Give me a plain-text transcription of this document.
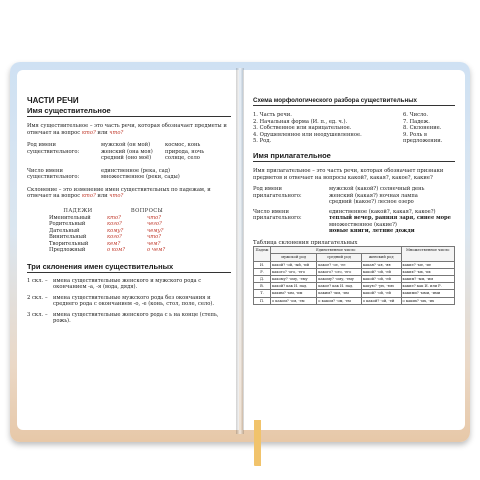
ЧАСТИ РЕЧИ
Имя существительное
Имя существительное – это часть речи, которая обозначает предметы и отвечает на вопрос кто? или что?
Род имени существительного:
мужской (он мой)	космос, конь
женский (она моя)	природа, ночь
средний (оно моё)	солнце, село
Число имени существительного:
единственное (река, сад)
множественное (реки, сады)
Склонение – это изменение имен существительных по падежам, и отвечает на вопрос кто? или что?
ПАДЕЖИ	ВОПРОСЫ
Именительный	кто?	что?
Родительный	кого?	чего?
Дательный	кому?	чему?
Винительный	кого?	что?
Творительный	кем?	чем?
Предложный	о ком?	о чем?
Три склонения имен существительных
1 скл. –	имена существительные женского и мужского рода с окончанием -а, -я (вода, дядя).
2 скл. –	имена существительные мужского рода без окончания и среднего рода с окончанием -о, -е (конь, стол, поле, село).
3 скл. –	имена существительные женского рода с ь на конце (степь, рожь).
Схема морфологического разбора существительных
1. Часть речи.
2. Начальная форма (И. п., ед. ч.).
3. Собственное или нарицательное.
4. Одушевленное или неодушевленное.
5. Род.
6. Число.
7. Падеж.
8. Склонение.
9. Роль в предложении.
Имя прилагательное
Имя прилагательное – это часть речи, которая обозначает признаки предметов и отвечает на вопросы какой?, какая?, какое?, какие?
Род имени прилагательного:
мужской (какой?) солнечный день
женский (какая?) ночная лампа
средний (какое?) лесное озеро
Число имени прилагательного:
единственное (какой?, какая?, какое?)
теплый вечер, ранняя заря, синее море
множественное (какие?)
новые книги, летние дожди
Таблица склонения прилагательных
Падеж	Единственное число			Множественное число
	мужской род	средний род	женский род	
И.	какой? -ой, -ый, -ий	какое? -ое, -ее	какая? -ая, -яя	какие? -ые, -ие
Р.	какого? -ого, -его	какого? -ого, -его	какой? -ой, -ей	каких? -ых, -их
Д.	какому? -ому, -ему	какому? -ому, -ему	какой? -ой, -ей	каким? -ым, -им
В.	какой? как И. пад.	какое? как И. пад.	какую? -ую, -юю	какие? как И. или Р.
Т.	каким? -ым, -им	каким? -ым, -им	какой? -ой, -ей	какими? -ыми, -ими
П.	о каком? -ом, -ем	о каком? -ом, -ем	о какой? -ой, -ей	о каких? -ых, -их
